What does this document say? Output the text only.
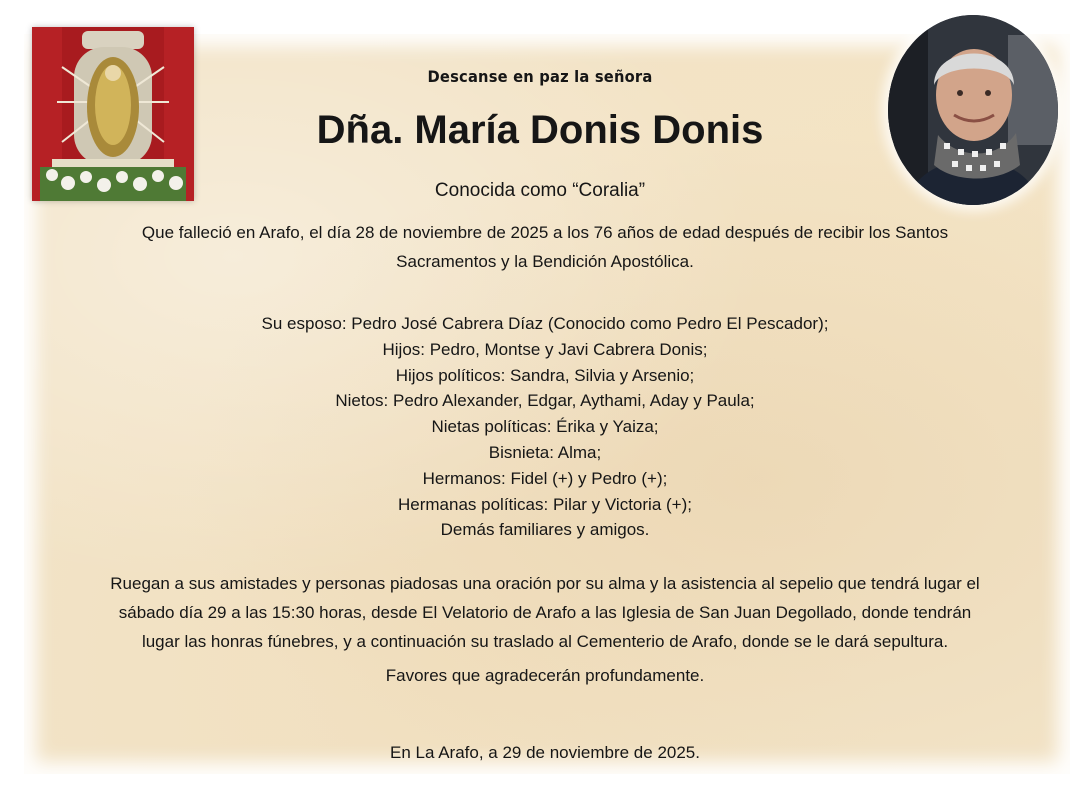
Descanse en paz la señora
Dña. María Donis Donis
Conocida como “Coralia”
Que falleció en Arafo, el día 28 de noviembre de 2025 a los 76 años de edad después de recibir los Santos
Sacramentos y la Bendición Apostólica.
Su esposo: Pedro José Cabrera Díaz (Conocido como Pedro El Pescador);
Hijos: Pedro, Montse y Javi Cabrera Donis;
Hijos políticos: Sandra, Silvia y Arsenio;
Nietos: Pedro Alexander, Edgar, Aythami, Aday y Paula;
Nietas políticas: Érika y Yaiza;
Bisnieta: Alma;
Hermanos: Fidel (+) y Pedro (+);
Hermanas políticas: Pilar y Victoria (+);
Demás familiares y amigos.
Ruegan a sus amistades y personas piadosas una oración por su alma y la asistencia al sepelio que tendrá lugar el
sábado día 29 a las 15:30 horas, desde El Velatorio de Arafo a las Iglesia de San Juan Degollado, donde tendrán
lugar las honras fúnebres, y a continuación su traslado al Cementerio de Arafo, donde se le dará sepultura.
Favores que agradecerán profundamente.
En La Arafo, a 29 de noviembre de 2025.
